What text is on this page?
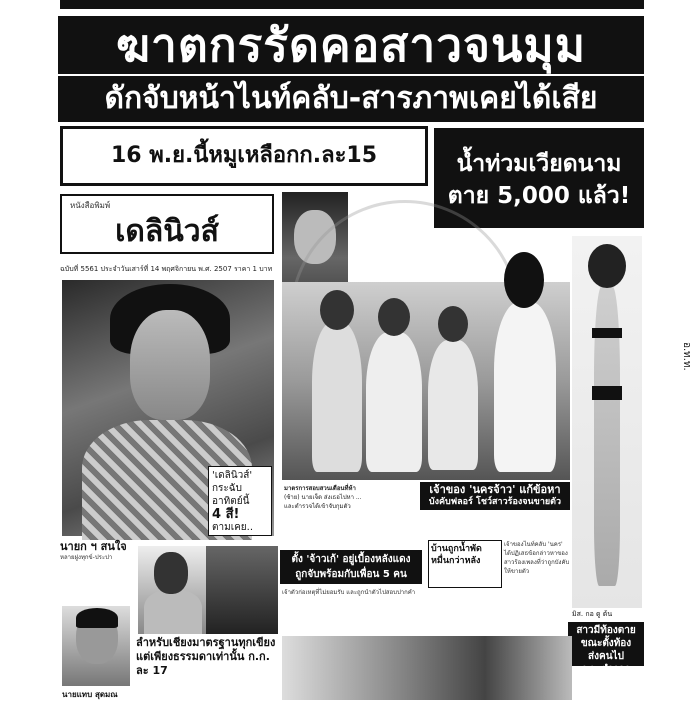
ฆาตกรรัดคอสาวจนมุม
ดักจับหน้าไนท์คลับ-สารภาพเคยได้เสีย
16 พ.ย.นี้หมูเหลือกก.ละ15	น้ำท่วมเวียดนาม
ตาย 5,000 แล้ว!
หนังสือพิมพ์
เดลินิวส์
ฉบับที่ 5561 ประจำวันเสาร์ที่ 14 พฤศจิกายน พ.ศ. 2507 ราคา 1 บาท
'เดลินิวส์'
กระฉับ
อาทิตย์นี้
4 สี!
ตามเคย..
อ.ท.ท.
มาตรการสอบสวนเดือนที่ห้า
(ซ้าย) นายเจ็ด ส่งเธอไปหา ...
และตำรวจได้เข้าจับกุมตัว
เจ้าของ 'นครจ้าว' แก้ข้อหา
บังคับฟลอร์ โชว์สาวร้องจนขายตัว
บ้านถูกน้ำพัด
หมื่นกว่าหลัง
เจ้าของไนท์คลับ 'นคร' ได้ปฏิเสธข้อกล่าวหาของสาวร้องเพลงที่ว่าถูกบังคับให้ขายตัว
มิส. กอ ดู ต้น
สาวมีท้องตายขณะตั้งท้อง
ส่งคนไป ร.พ.ตำรวจพิสูจน์
ตั้ง 'จ้าวเก้' อยู่เบื้องหลังแดง
ถูกจับพร้อมกับเพื่อน 5 คน
เจ้าตัวก่อเหตุที่ไม่ยอมรับ และถูกนำตัวไปสอบปากคำ
นายก ฯ สนใจ
หลายฝูงทุกข์-ประปา
ลำหรับเชียงมาตรฐานทุกเขียง
แต่เพียงธรรมดาเท่านั้น ก.ก. ละ 17
นายแทบ สุดมณ
